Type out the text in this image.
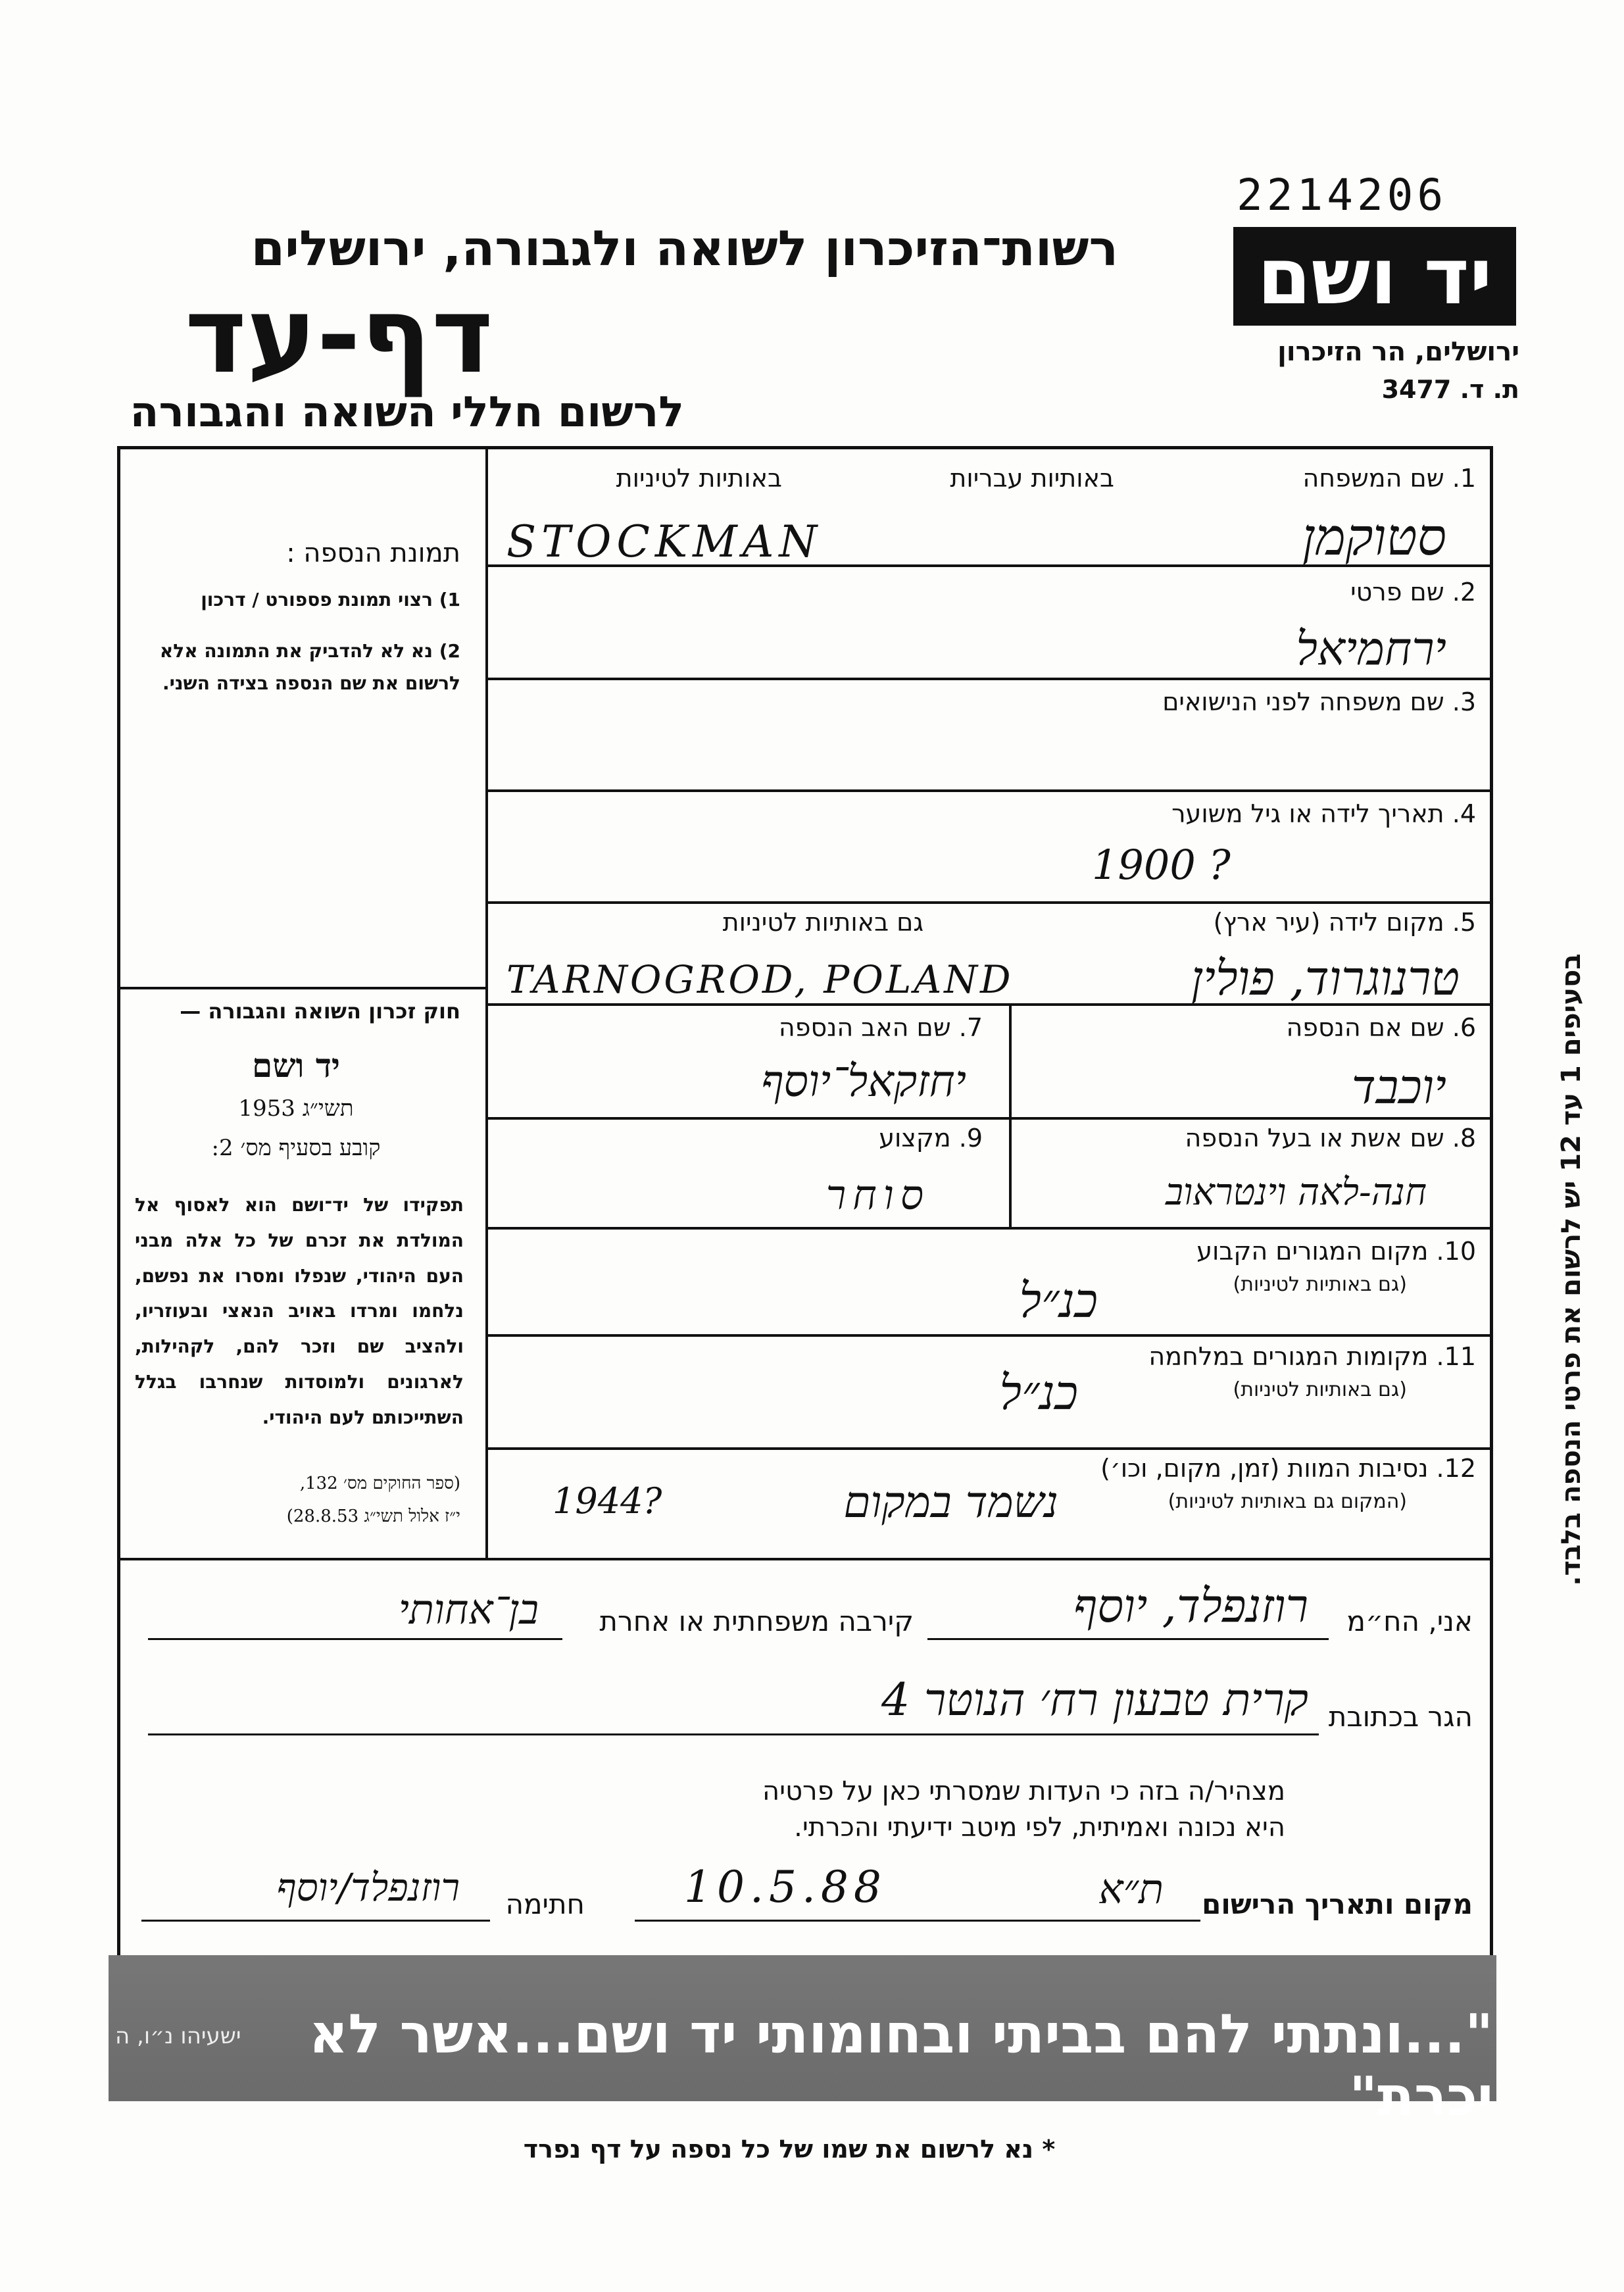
2214206
יד ושם
ירושלים, הר הזיכרון
ת. ד. 3477
רשות־הזיכרון לשואה ולגבורה, ירושלים
דף-עד
לרשום חללי השואה והגבורה
תמונת הנספה :
1) רצוי תמונת פספורט / דרכון
2) נא לא להדביק את התמונה אלא לרשום את שם הנספה בצידה השני.
חוק זכרון השואה והגבורה —
יד ושם
תשי״ג 1953
קובע בסעיף מס׳ 2:
תפקידו של יד־ושם הוא לאסוף אל המולדת את זכרם של כל אלה מבני העם היהודי, שנפלו ומסרו את נפשם, נלחמו ומרדו באויב הנאצי ובעוזריו, ולהציב שם וזכר להם, לקהילות, לארגונים ולמוסדות שנחרבו בגלל השתייכותם לעם היהודי.
(ספר החוקים מס׳ 132,
י״ז אלול תשי״ג 28.8.53)
1. שם המשפחה
באותיות עבריות
באותיות לטיניות
2. שם פרטי
3. שם משפחה לפני הנישואים
4. תאריך לידה או גיל משוער
5. מקום לידה (עיר ארץ)
גם באותיות לטיניות
6. שם אם הנספה
7. שם האב הנספה
8. שם אשת או בעל הנספה
9. מקצוע
10. מקום המגורים הקבוע
(גם באותיות לטיניות)
11. מקומות המגורים במלחמה
(גם באותיות לטיניות)
12. נסיבות המוות (זמן, מקום, וכו׳)
(המקום גם באותיות לטיניות)
סטוקמן
STOCKMAN
ירחמיאל
1900 ?
טרנוגרוד, פולין
TARNOGROD, POLAND
יוכבד
יחזקאל־יוסף
חנה-לאה וינטראוב
סוחר
כנ״ל
כנ״ל
נשמד במקום
1944?
אני, הח״מ
רוזנפלד, יוסף
קירבה משפחתית או אחרת
בן־אחותי
הגר בכתובת
קרית טבעון רח׳ הנוטר 4
מצהיר/ה בזה כי העדות שמסרתי כאן על פרטיה
היא נכונה ואמיתית, לפי מיטב ידיעתי והכרתי.
מקום ותאריך הרישום
ת״א
10.5.88
חתימה
רוזנפלד/יוסף
בסעיפים 1 עד 12 יש לרשום את פרטי הנספה בלבד.
"...ונתתי להם בביתי ובחומותי יד ושם...אשר לא יכרת"
ישעיהו נ״ו, ה
* נא לרשום את שמו של כל נספה על דף נפרד
